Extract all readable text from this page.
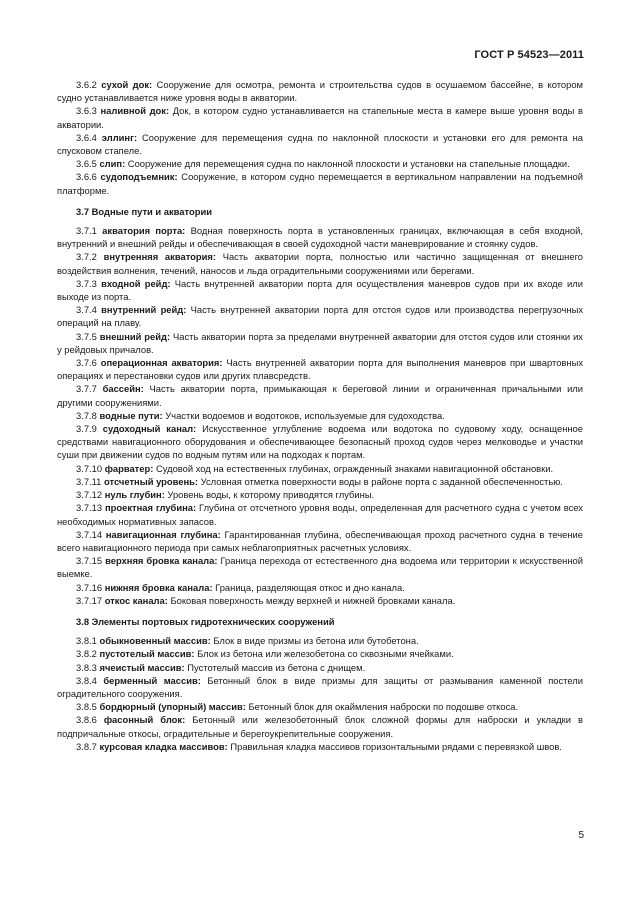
ГОСТ Р 54523—2011

3.6.2 сухой док: Сооружение для осмотра, ремонта и строительства судов в осушаемом бассейне, в котором судно устанавливается ниже уровня воды в акватории.

3.6.3 наливной док: Док, в котором судно устанавливается на стапельные места в камере выше уровня воды в акватории.

3.6.4 эллинг: Сооружение для перемещения судна по наклонной плоскости и установки его для ремонта на спусковом стапеле.

3.6.5 слип: Сооружение для перемещения судна по наклонной плоскости и установки на стапельные площадки.

3.6.6 судоподъемник: Сооружение, в котором судно перемещается в вертикальном направлении на подъемной платформе.

3.7 Водные пути и акватории

3.7.1 акватория порта: Водная поверхность порта в установленных границах, включающая в себя входной, внутренний и внешний рейды и обеспечивающая в своей судоходной части маневрирование и стоянку судов.

3.7.2 внутренняя акватория: Часть акватории порта, полностью или частично защищенная от внешнего воздействия волнения, течений, наносов и льда оградительными сооружениями или берегами.

3.7.3 входной рейд: Часть внутренней акватории порта для осуществления маневров судов при их входе или выходе из порта.

3.7.4 внутренний рейд: Часть внутренней акватории порта для отстоя судов или производства перегрузочных операций на плаву.

3.7.5 внешний рейд: Часть акватории порта за пределами внутренней акватории для отстоя судов или стоянки их у рейдовых причалов.

3.7.6 операционная акватория: Часть внутренней акватории порта для выполнения маневров при швартовных операциях и перестановки судов или других плавсредств.

3.7.7 бассейн: Часть акватории порта, примыкающая к береговой линии и ограниченная причальными или другими сооружениями.

3.7.8 водные пути: Участки водоемов и водотоков, используемые для судоходства.

3.7.9 судоходный канал: Искусственное углубление водоема или водотока по судовому ходу, оснащенное средствами навигационного оборудования и обеспечивающее безопасный проход судов через мелководье и участки суши при движении судов по водным путям или на подходах к портам.

3.7.10 фарватер: Судовой ход на естественных глубинах, огражденный знаками навигационной обстановки.

3.7.11 отсчетный уровень: Условная отметка поверхности воды в районе порта с заданной обеспеченностью.

3.7.12 нуль глубин: Уровень воды, к которому приводятся глубины.

3.7.13 проектная глубина: Глубина от отсчетного уровня воды, определенная для расчетного судна с учетом всех необходимых нормативных запасов.

3.7.14 навигационная глубина: Гарантированная глубина, обеспечивающая проход расчетного судна в течение всего навигационного периода при самых неблагоприятных расчетных условиях.

3.7.15 верхняя бровка канала: Граница перехода от естественного дна водоема или территории к искусственной выемке.

3.7.16 нижняя бровка канала: Граница, разделяющая откос и дно канала.

3.7.17 откос канала: Боковая поверхность между верхней и нижней бровками канала.

3.8 Элементы портовых гидротехнических сооружений

3.8.1 обыкновенный массив: Блок в виде призмы из бетона или бутобетона.

3.8.2 пустотелый массив: Блок из бетона или железобетона со сквозными ячейками.

3.8.3 ячеистый массив: Пустотелый массив из бетона с днищем.

3.8.4 берменный массив: Бетонный блок в виде призмы для защиты от размывания каменной постели оградительного сооружения.

3.8.5 бордюрный (упорный) массив: Бетонный блок для окаймления наброски по подошве откоса.

3.8.6 фасонный блок: Бетонный или железобетонный блок сложной формы для наброски и укладки в подпричальные откосы, оградительные и берегоукрепительные сооружения.

3.8.7 курсовая кладка массивов: Правильная кладка массивов горизонтальными рядами с перевязкой швов.

5
